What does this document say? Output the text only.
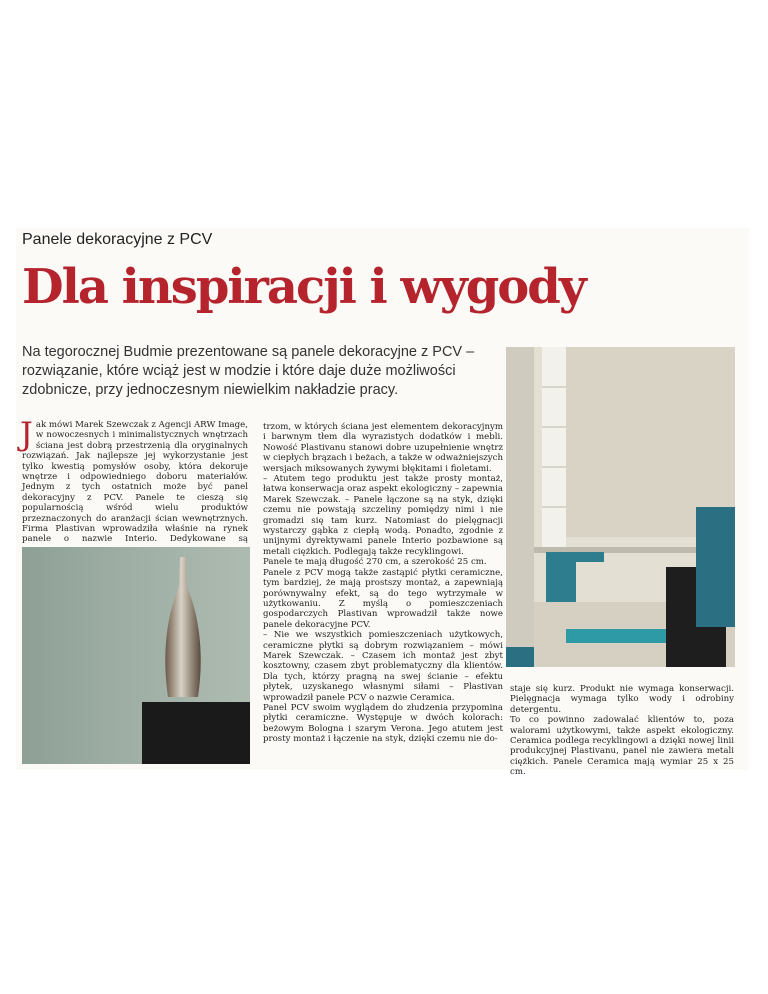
Panele dekoracyjne z PCV
Dla inspiracji i wygody
Na tegorocznej Budmie prezentowane są panele dekoracyjne z PCV – rozwiązanie, które wciąż jest w modzie i które daje duże możliwości zdobnicze, przy jednoczesnym niewielkim nakładzie pracy.
J ak mówi Marek Szewczak z Agencji ARW Image, w nowoczesnych i minimalistycznych wnętrzach ściana jest dobrą przestrzenią dla oryginalnych rozwiązań. Jak najlepsze jej wykorzystanie jest tylko kwestią pomysłów osoby, która dekoruje wnętrze i odpowiedniego doboru materiałów. Jednym z tych ostatnich może być panel dekoracyjny z PCV. Panele te cieszą się popularnością wśród wielu produktów przeznaczonych do aranżacji ścian wewnętrznych. Firma Plastivan wprowadziła właśnie na rynek panele o nazwie Interio. Dedykowane są

trzom, w których ściana jest elementem dekoracyjnym i barwnym tłem dla wyrazistych dodatków i mebli. Nowość Plastivanu stanowi dobre uzupełnienie wnętrz w ciepłych brązach i beżach, a także w odważniejszych wersjach miksowanych żywymi błękitami i fioletami.

– Atutem tego produktu jest także prosty montaż, łatwa konserwacja oraz aspekt ekologiczny – zapewnia Marek Szewczak. – Panele łączone są na styk, dzięki czemu nie powstają szczeliny pomiędzy nimi i nie gromadzi się tam kurz. Natomiast do pielęgnacji wystarczy gąbka z ciepłą wodą. Ponadto, zgodnie z unijnymi dyrektywami panele Interio pozbawione są metali ciężkich. Podlegają także recyklingowi.

Panele te mają długość 270 cm, a szerokość 25 cm.

Panele z PCV mogą także zastąpić płytki ceramiczne, tym bardziej, że mają prostszy montaż, a zapewniają porównywalny efekt, są do tego wytrzymałe w użytkowaniu. Z myślą o pomieszczeniach gospodarczych Plastivan wprowadził także nowe panele dekoracyjne PCV.

– Nie we wszystkich pomieszczeniach użytkowych, ceramiczne płytki są dobrym rozwiązaniem – mówi Marek Szewczak. – Czasem ich montaż jest zbyt kosztowny, czasem zbyt problematyczny dla klientów. Dla tych, którzy pragną na swej ścianie – efektu płytek, uzyskanego własnymi siłami – Plastivan wprowadził panele PCV o nazwie Ceramica.

Panel PCV swoim wyglądem do złudzenia przypomina płytki ceramiczne. Występuje w dwóch kolorach: beżowym Bologna i szarym Verona. Jego atutem jest prosty montaż i łączenie na styk, dzięki czemu nie do-

staje się kurz. Produkt nie wymaga konserwacji. Pielęgnacja wymaga tylko wody i odrobiny detergentu.

To co powinno zadowalać klientów to, poza walorami użytkowymi, także aspekt ekologiczny. Ceramica podlega recyklingowi a dzięki nowej linii produkcyjnej Plastivanu, panel nie zawiera metali ciężkich. Panele Ceramica mają wymiar 25 x 25 cm.
